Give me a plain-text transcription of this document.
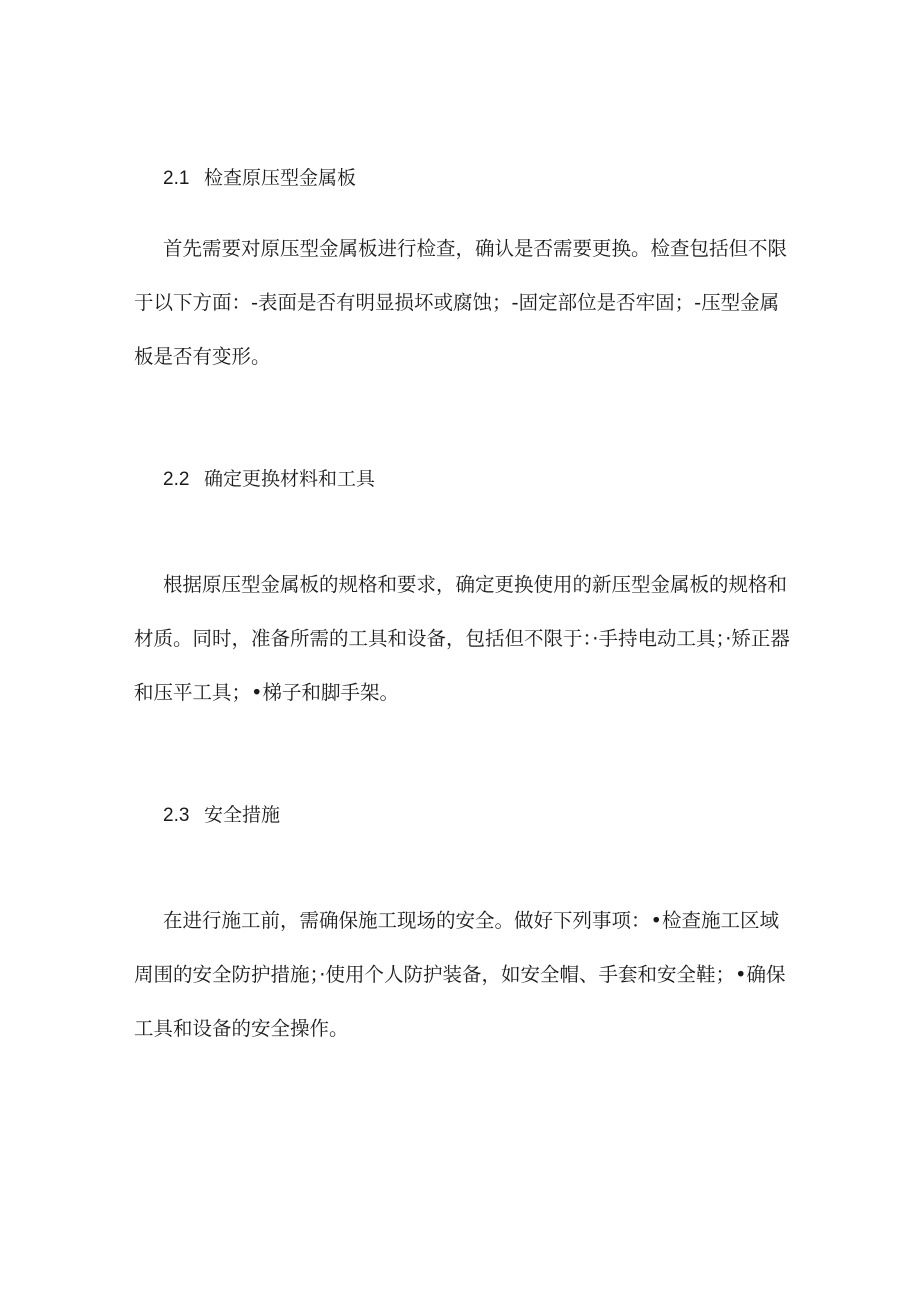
2.1 检查原压型金属板

首先需要对原压型金属板进行检查，确认是否需要更换。检查包括但不限于以下方面：-表面是否有明显损坏或腐蚀；-固定部位是否牢固；-压型金属板是否有变形。

2.2 确定更换材料和工具

根据原压型金属板的规格和要求，确定更换使用的新压型金属板的规格和材质。同时，准备所需的工具和设备，包括但不限于：·手持电动工具；·矫正器和压平工具；•梯子和脚手架。

2.3 安全措施

在进行施工前，需确保施工现场的安全。做好下列事项：•检查施工区域周围的安全防护措施；·使用个人防护装备，如安全帽、手套和安全鞋；•确保工具和设备的安全操作。
